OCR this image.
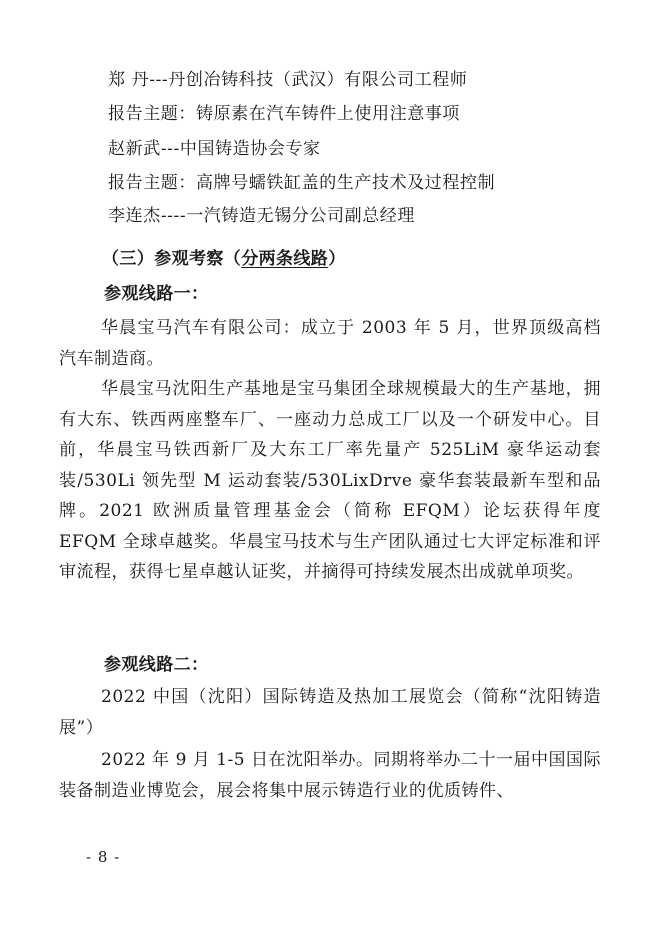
郑 丹---丹创冶铸科技（武汉）有限公司工程师
报告主题：铸原素在汽车铸件上使用注意事项
赵新武---中国铸造协会专家
报告主题：高牌号蠕铁缸盖的生产技术及过程控制
李连杰----一汽铸造无锡分公司副总经理
（三）参观考察（分两条线路）
参观线路一：
华晨宝马汽车有限公司：成立于 2003 年 5 月，世界顶级高档汽车制造商。
华晨宝马沈阳生产基地是宝马集团全球规模最大的生产基地，拥有大东、铁西两座整车厂、一座动力总成工厂以及一个研发中心。目前，华晨宝马铁西新厂及大东工厂率先量产 525LiM 豪华运动套装/530Li 领先型 M 运动套装/530LixDrve 豪华套装最新车型和品牌。2021 欧洲质量管理基金会（简称 EFQM）论坛获得年度 EFQM 全球卓越奖。华晨宝马技术与生产团队通过七大评定标准和评审流程，获得七星卓越认证奖，并摘得可持续发展杰出成就单项奖。
参观线路二：
2022 中国（沈阳）国际铸造及热加工展览会（简称“沈阳铸造展”）
2022 年 9 月 1-5 日在沈阳举办。同期将举办二十一届中国国际装备制造业博览会，展会将集中展示铸造行业的优质铸件、
- 8 -
